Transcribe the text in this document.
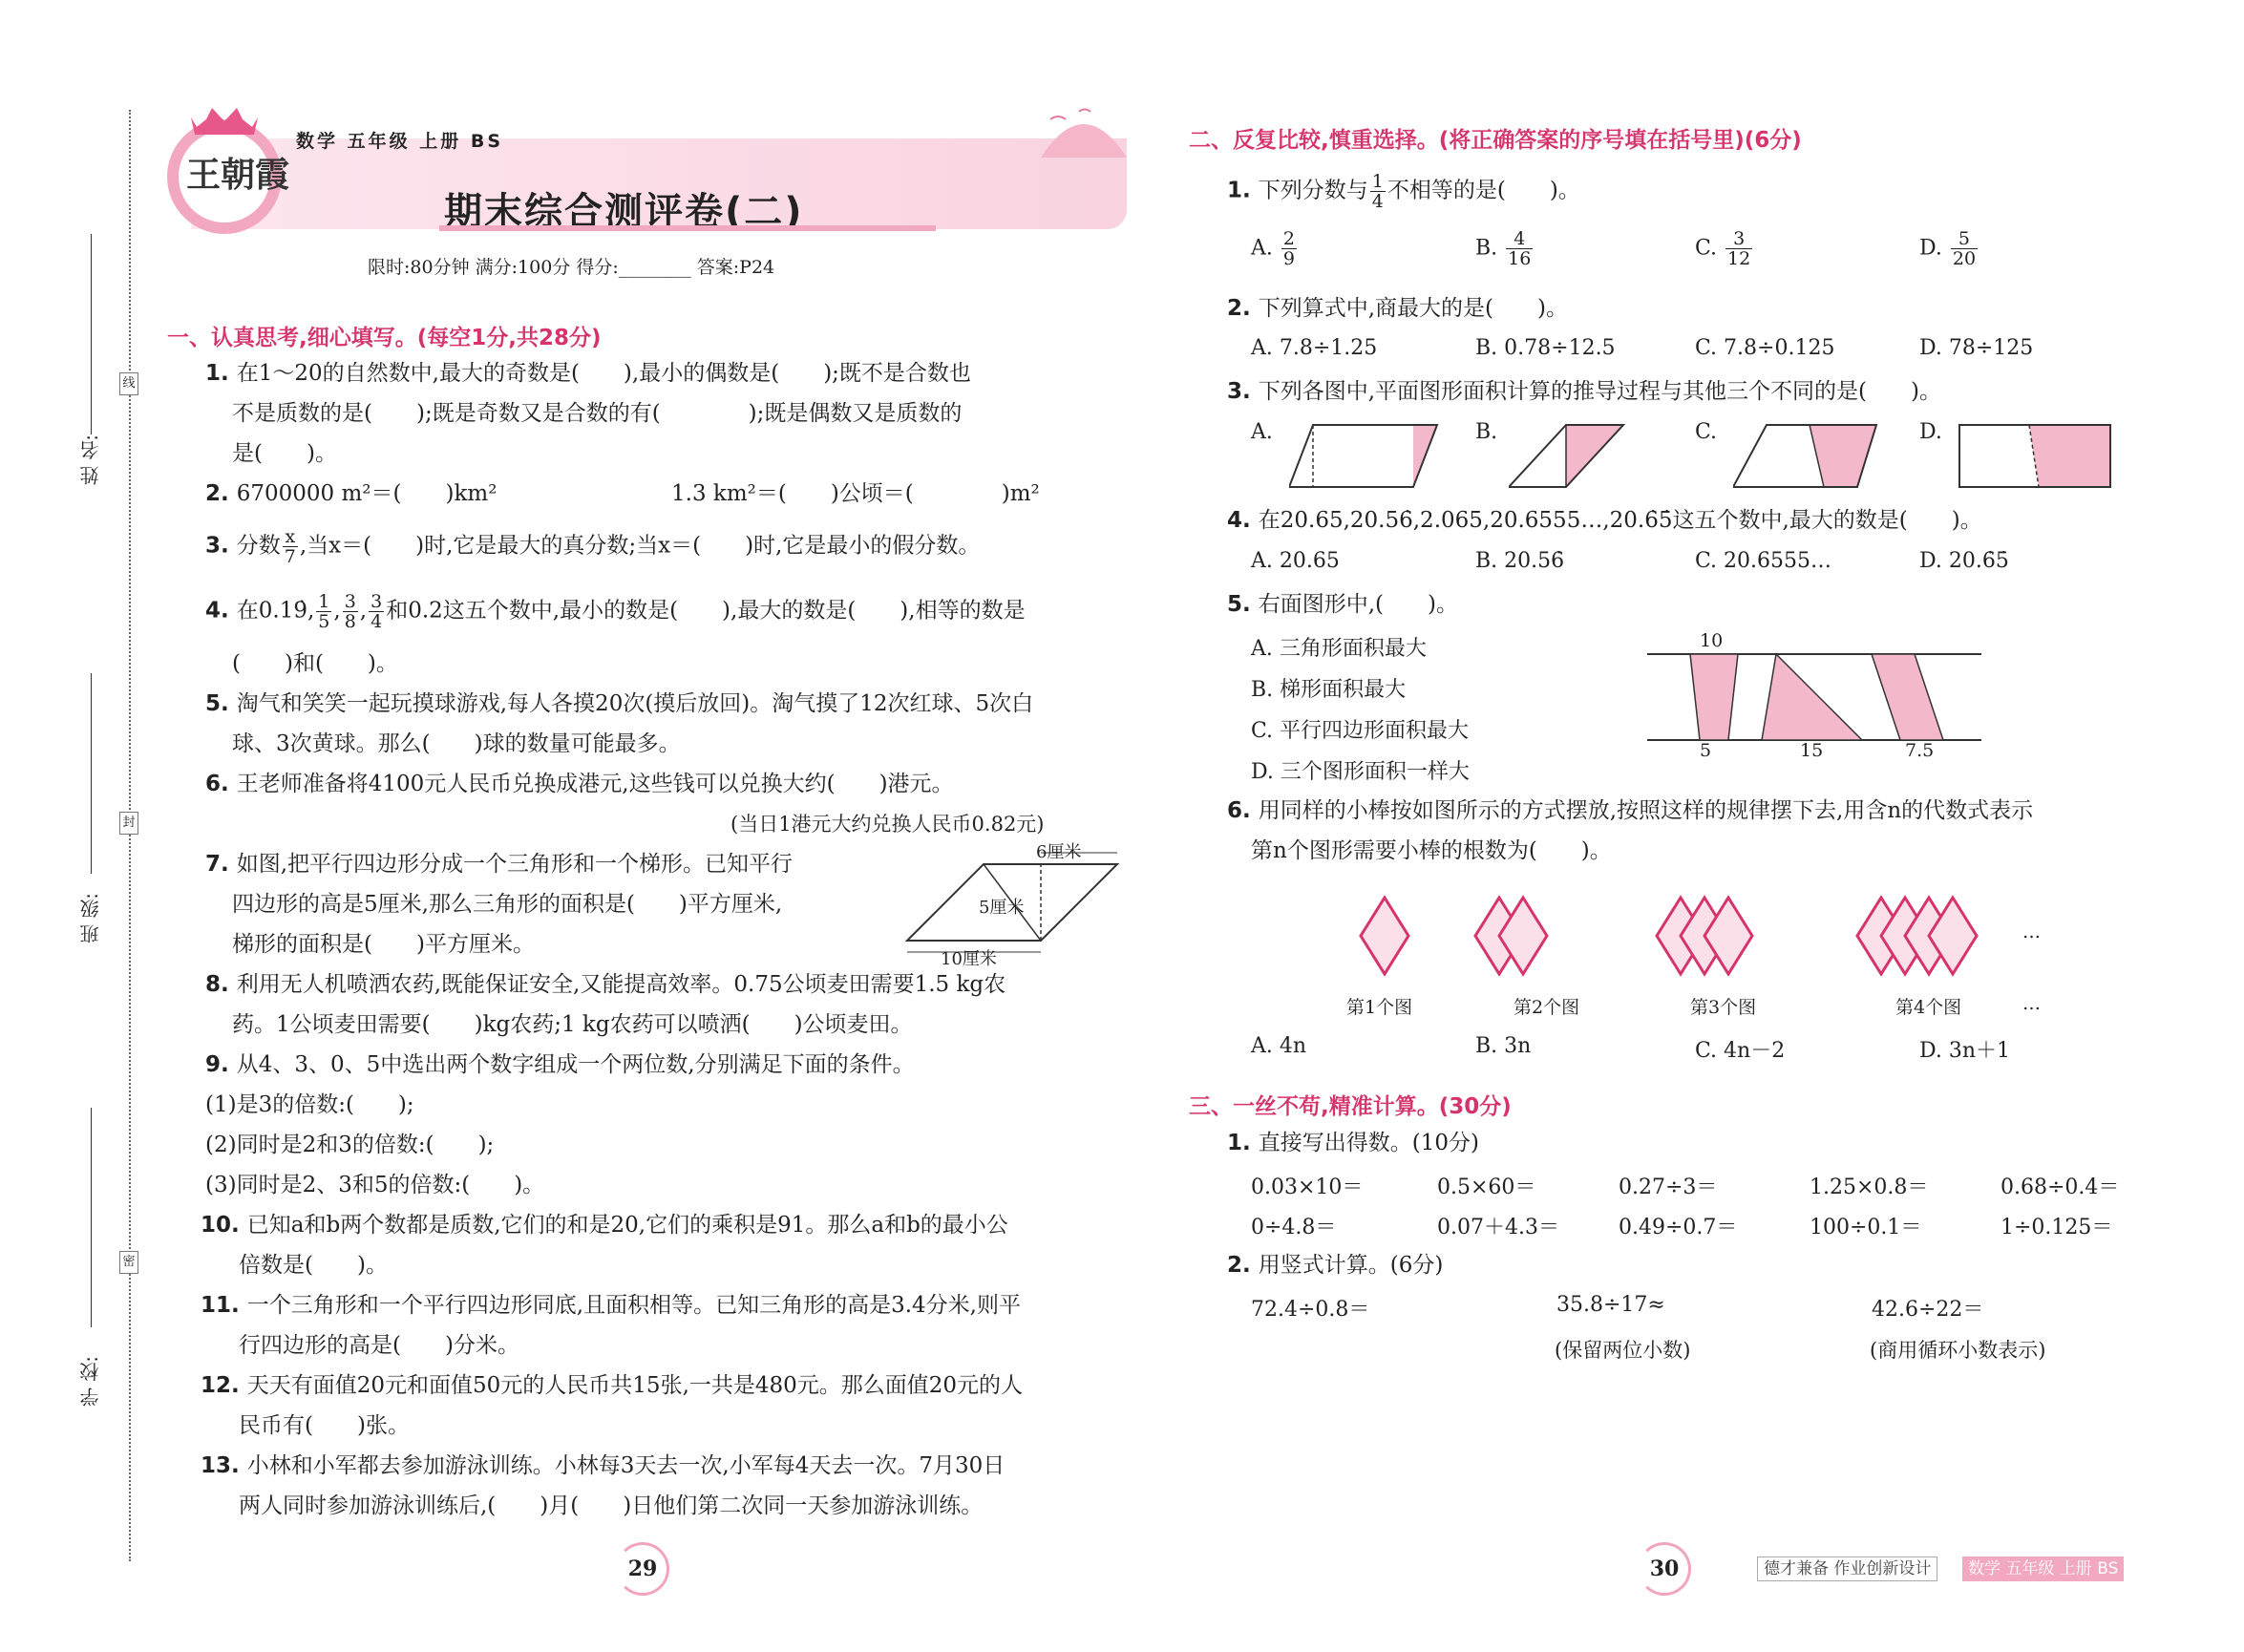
姓 名:
班 级:
学 校:
线
封
密
王朝霞
数学 五年级 上册 BS
期末综合测评卷(二)
限时:80分钟 满分:100分 得分:________ 答案:P24
一、认真思考,细心填写。(每空1分,共28分)
1. 在1～20的自然数中,最大的奇数是(　　),最小的偶数是(　　);既不是合数也
不是质数的是(　　);既是奇数又是合数的有(　　　　);既是偶数又是质数的
是(　　)。
2. 6700000 m²＝(　　)km²	1.3 km²＝(　　)公顷＝(　　　　)m²
3. 分数 $\frac{x}{7}$ ,当x＝(　　)时,它是最大的真分数;当x＝(　　)时,它是最小的假分数。
4. 在0.19̇, $\frac{1}{5}$ , $\frac{3}{8}$ , $\frac{3}{4}$ 和0.2这五个数中,最小的数是(　　),最大的数是(　　),相等的数是
(　　)和(　　)。
5. 淘气和笑笑一起玩摸球游戏,每人各摸20次(摸后放回)。淘气摸了12次红球、5次白
球、3次黄球。那么(　　)球的数量可能最多。
6. 王老师准备将4100元人民币兑换成港元,这些钱可以兑换大约(　　)港元。
(当日1港元大约兑换人民币0.82元)
7. 如图,把平行四边形分成一个三角形和一个梯形。已知平行
四边形的高是5厘米,那么三角形的面积是(　　)平方厘米,
梯形的面积是(　　)平方厘米。
6厘米
5厘米
10厘米
8. 利用无人机喷洒农药,既能保证安全,又能提高效率。0.75公顷麦田需要1.5 kg农
药。1公顷麦田需要(　　)kg农药;1 kg农药可以喷洒(　　)公顷麦田。
9. 从4、3、0、5中选出两个数字组成一个两位数,分别满足下面的条件。
(1)是3的倍数:(　　);
(2)同时是2和3的倍数:(　　);
(3)同时是2、3和5的倍数:(　　)。
10. 已知a和b两个数都是质数,它们的和是20,它们的乘积是91。那么a和b的最小公
倍数是(　　)。
11. 一个三角形和一个平行四边形同底,且面积相等。已知三角形的高是3.4分米,则平
行四边形的高是(　　)分米。
12. 天天有面值20元和面值50元的人民币共15张,一共是480元。那么面值20元的人
民币有(　　)张。
13. 小林和小军都去参加游泳训练。小林每3天去一次,小军每4天去一次。7月30日
两人同时参加游泳训练后,(　　)月(　　)日他们第二次同一天参加游泳训练。
29
二、反复比较,慎重选择。(将正确答案的序号填在括号里)(6分)
1. 下列分数与 $\frac{1}{4}$ 不相等的是(　　)。
A. $\frac{2}{9}$	B. $\frac{4}{16}$	C. $\frac{3}{12}$	D. $\frac{5}{20}$
2. 下列算式中,商最大的是(　　)。
A. 7.8÷1.25	B. 0.78÷12.5	C. 7.8÷0.125	D. 78÷125
3. 下列各图中,平面图形面积计算的推导过程与其他三个不同的是(　　)。
A.	B.	C.	D.
4. 在20.65,20.56̇,2.065,20.6555…,20.6̇5̇这五个数中,最大的数是(　　)。
A. 20.65	B. 20.56̇	C. 20.6555…	D. 20.6̇5̇
5. 右面图形中,(　　)。
A. 三角形面积最大
B. 梯形面积最大
C. 平行四边形面积最大
D. 三个图形面积一样大
10
5	15	7.5
6. 用同样的小棒按如图所示的方式摆放,按照这样的规律摆下去,用含n的代数式表示
第n个图形需要小棒的根数为(　　)。
…
第1个图	第2个图	第3个图	第4个图	…
A. 4n	B. 3n	C. 4n－2	D. 3n＋1
三、一丝不苟,精准计算。(30分)
1. 直接写出得数。(10分)
0.03×10＝	0.5×60＝	0.27÷3＝	1.25×0.8＝	0.68÷0.4＝
0÷4.8＝	0.07＋4.3＝	0.49÷0.7＝	100÷0.1＝	1÷0.125＝
2. 用竖式计算。(6分)
72.4÷0.8＝	35.8÷17≈	42.6÷22＝
(保留两位小数)	(商用循环小数表示)
30	德才兼备 作业创新设计	数学 五年级 上册 BS
